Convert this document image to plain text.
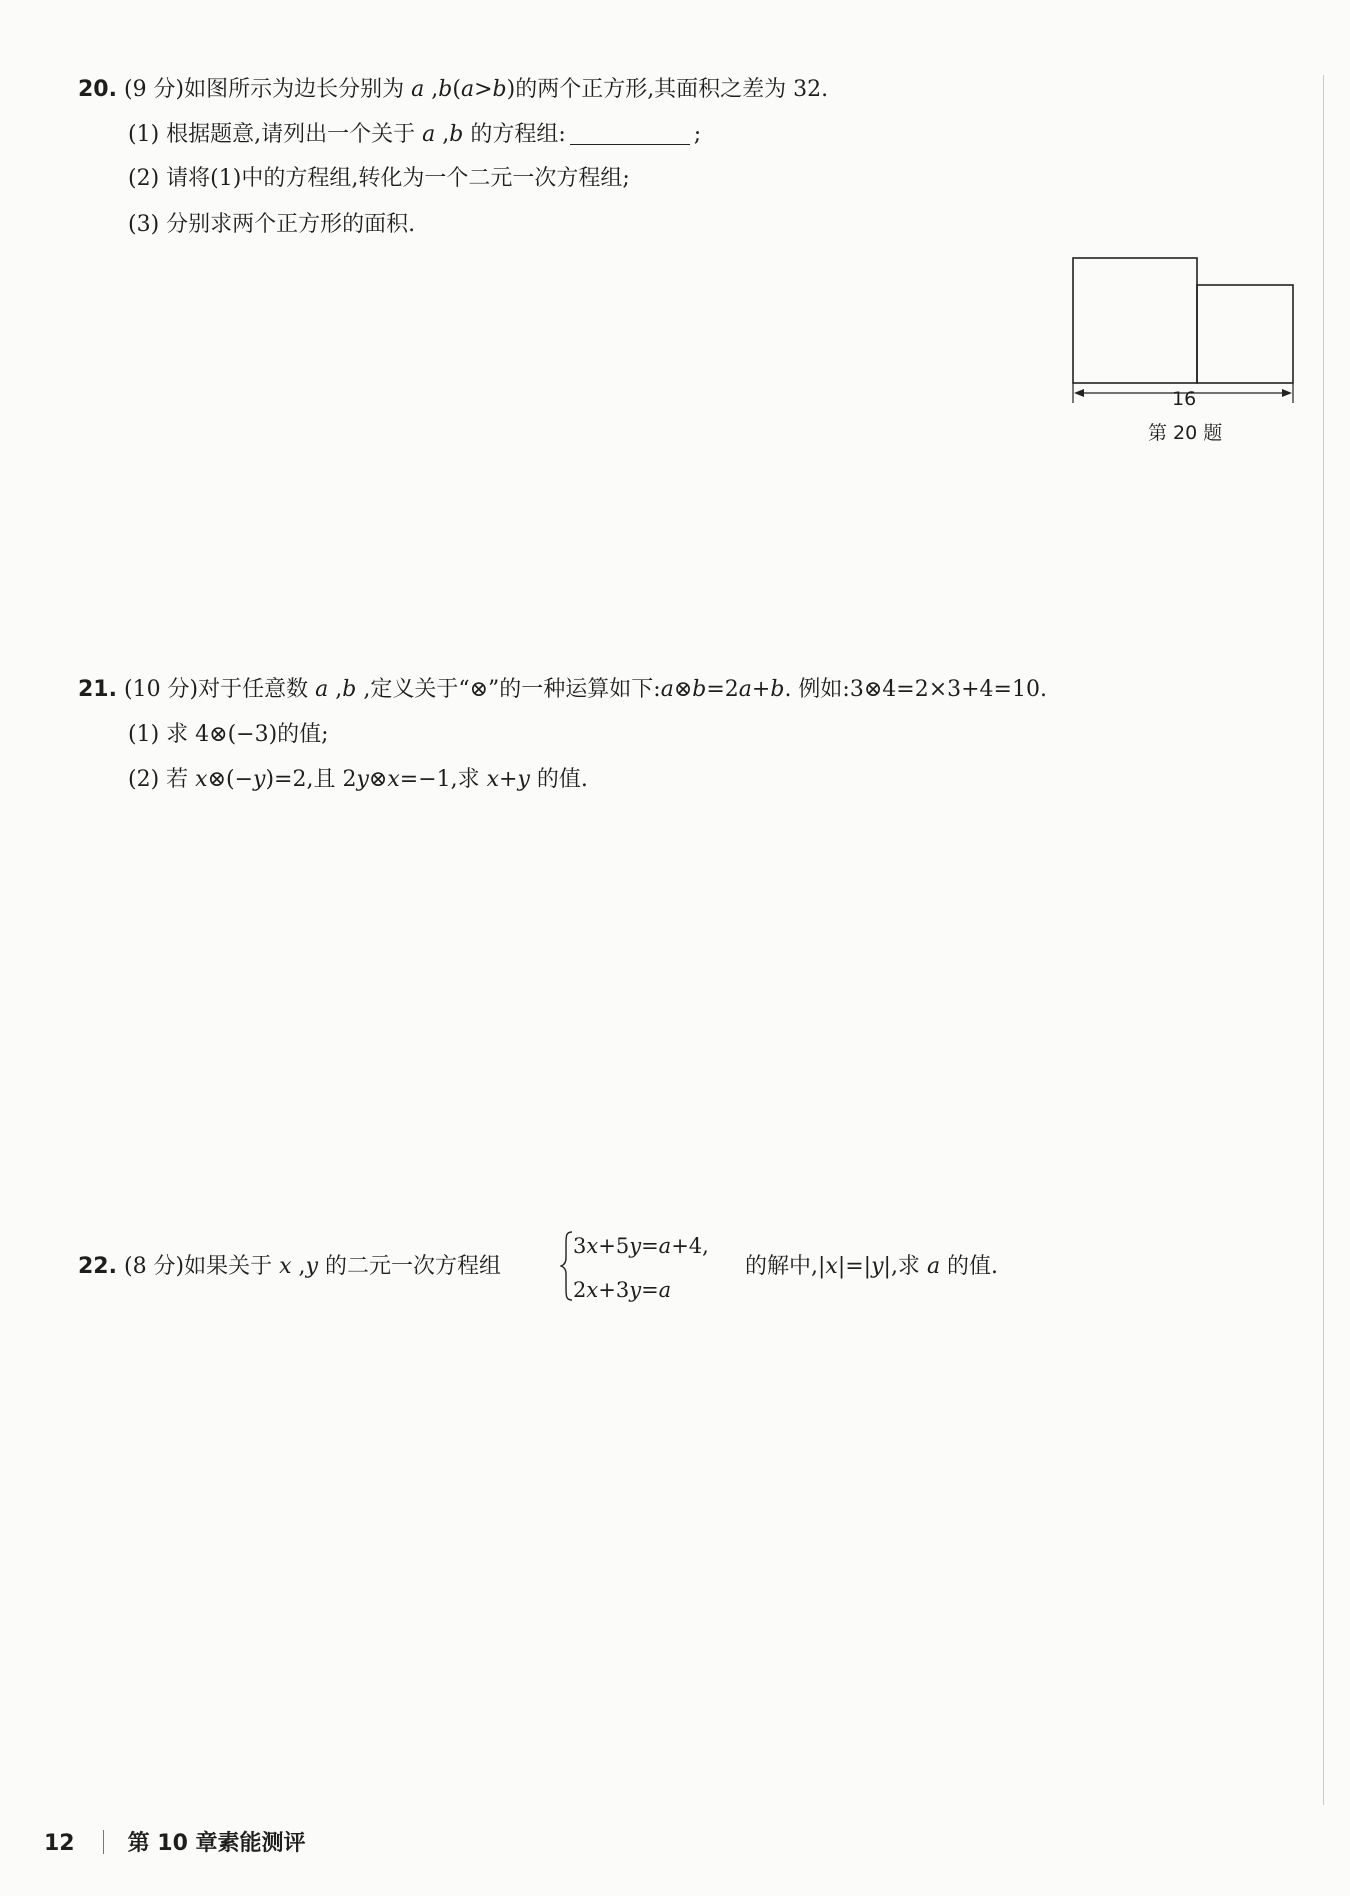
20. (9 分)如图所示为边长分别为 a ,b(a>b)的两个正方形,其面积之差为 32.
(1) 根据题意,请列出一个关于 a ,b 的方程组:	;
(2) 请将(1)中的方程组,转化为一个二元一次方程组;
(3) 分别求两个正方形的面积.
16
第 20 题
21. (10 分)对于任意数 a ,b ,定义关于“⊗”的一种运算如下:a⊗b=2a+b. 例如:3⊗4=2×3+4=10.
(1) 求 4⊗(−3)的值;
(2) 若 x⊗(−y)=2,且 2y⊗x=−1,求 x+y 的值.
22. (8 分)如果关于 x ,y 的二元一次方程组
3x+5y=a+4,
2x+3y=a
的解中,|x|=|y|,求 a 的值.
12 第 10 章素能测评
